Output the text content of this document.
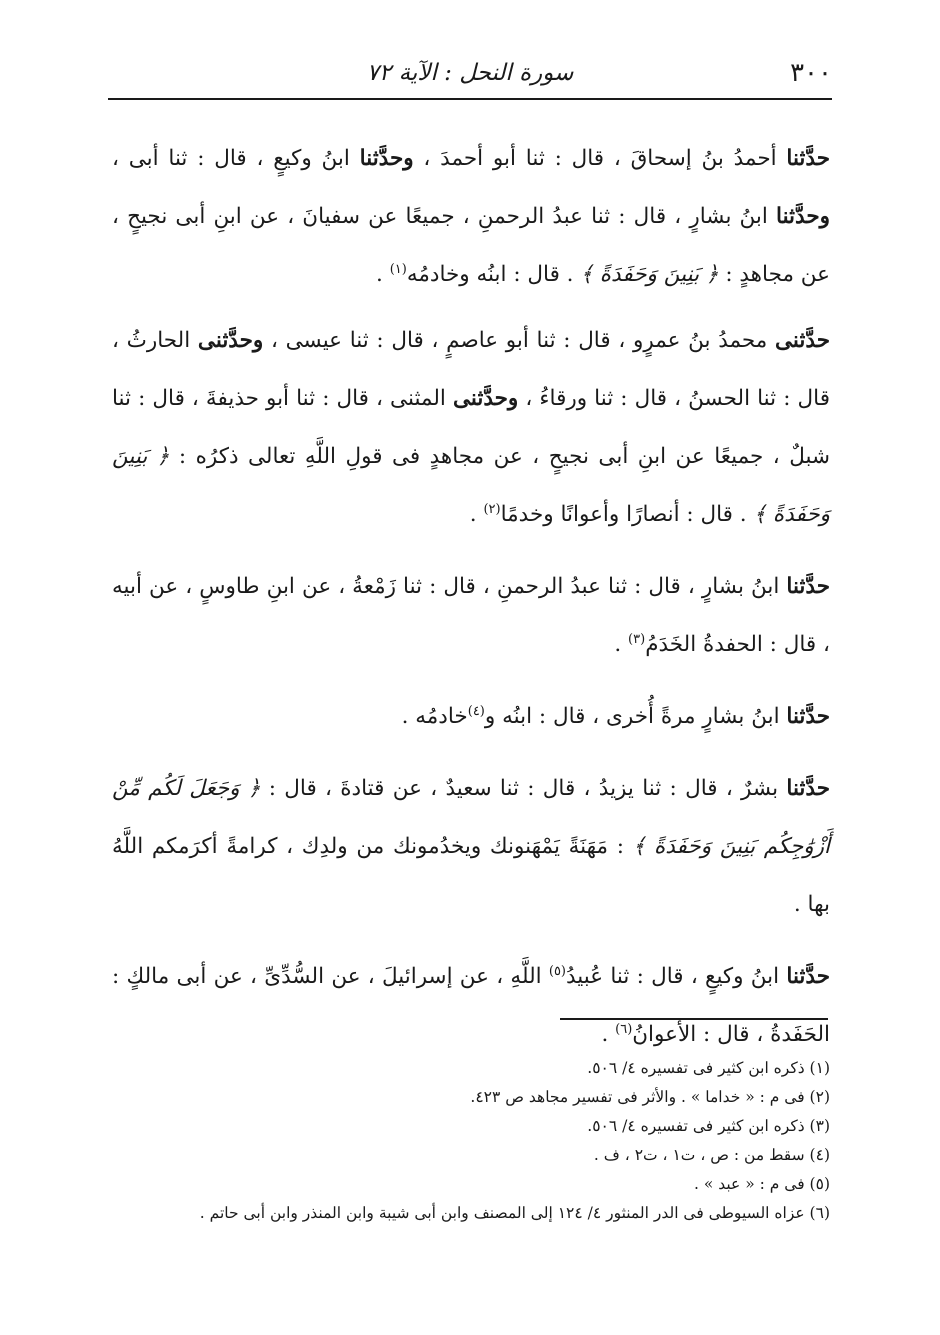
٣٠٠
سورة النحل : الآية ٧٢

حدَّثنا أحمدُ بنُ إسحاقَ ، قال : ثنا أبو أحمدَ ، وحدَّثنا ابنُ وكيعٍ ، قال : ثنا أبى ، وحدَّثنا ابنُ بشارٍ ، قال : ثنا عبدُ الرحمنِ ، جميعًا عن سفيانَ ، عن ابنِ أبى نجيحٍ ، عن مجاهدٍ : ﴿ بَنِينَ وَحَفَدَةً ﴾ . قال : ابنُه وخادمُه$^{(١)}$ .

حدَّثنى محمدُ بنُ عمرٍو ، قال : ثنا أبو عاصمٍ ، قال : ثنا عيسى ، وحدَّثنى الحارثُ ، قال : ثنا الحسنُ ، قال : ثنا ورقاءُ ، وحدَّثنى المثنى ، قال : ثنا أبو حذيفةَ ، قال : ثنا شبلٌ ، جميعًا عن ابنِ أبى نجيحٍ ، عن مجاهدٍ فى قولِ اللَّهِ تعالى ذكرُه : ﴿ بَنِينَ وَحَفَدَةً ﴾ . قال : أنصارًا وأعوانًا وخدمًا$^{(٢)}$ .

حدَّثنا ابنُ بشارٍ ، قال : ثنا عبدُ الرحمنِ ، قال : ثنا زَمْعةُ ، عن ابنِ طاوسٍ ، عن أبيه ، قال : الحفدةُ الخَدَمُ$^{(٣)}$ .

حدَّثنا ابنُ بشارٍ مرةً أُخرى ، قال : ابنُه و$^{(٤)}$خادمُه .

حدَّثنا بشرٌ ، قال : ثنا يزيدُ ، قال : ثنا سعيدٌ ، عن قتادةَ ، قال : ﴿ وَجَعَلَ لَكُم مِّنْ أَزْوَٰجِكُم بَنِينَ وَحَفَدَةً ﴾ : مَهَنَةً يَمْهَنونك ويخدُمونك من ولدِك ، كرامةً أكرَمكم اللَّهُ بها .

حدَّثنا ابنُ وكيعٍ ، قال : ثنا عُبيدُ$^{(٥)}$ اللَّهِ ، عن إسرائيلَ ، عن السُّدِّىِّ ، عن أبى مالكٍ : الحَفَدةُ ، قال : الأعوانُ$^{(٦)}$ .

(١) ذكره ابن كثير فى تفسيره ٤/ ٥٠٦.
(٢) فى م : « خداما » . والأثر فى تفسير مجاهد ص ٤٢٣.
(٣) ذكره ابن كثير فى تفسيره ٤/ ٥٠٦.
(٤) سقط من : ص ، ت١ ، ت٢ ، ف .
(٥) فى م : « عبد » .
(٦) عزاه السيوطى فى الدر المنثور ٤/ ١٢٤ إلى المصنف وابن أبى شيبة وابن المنذر وابن أبى حاتم .
